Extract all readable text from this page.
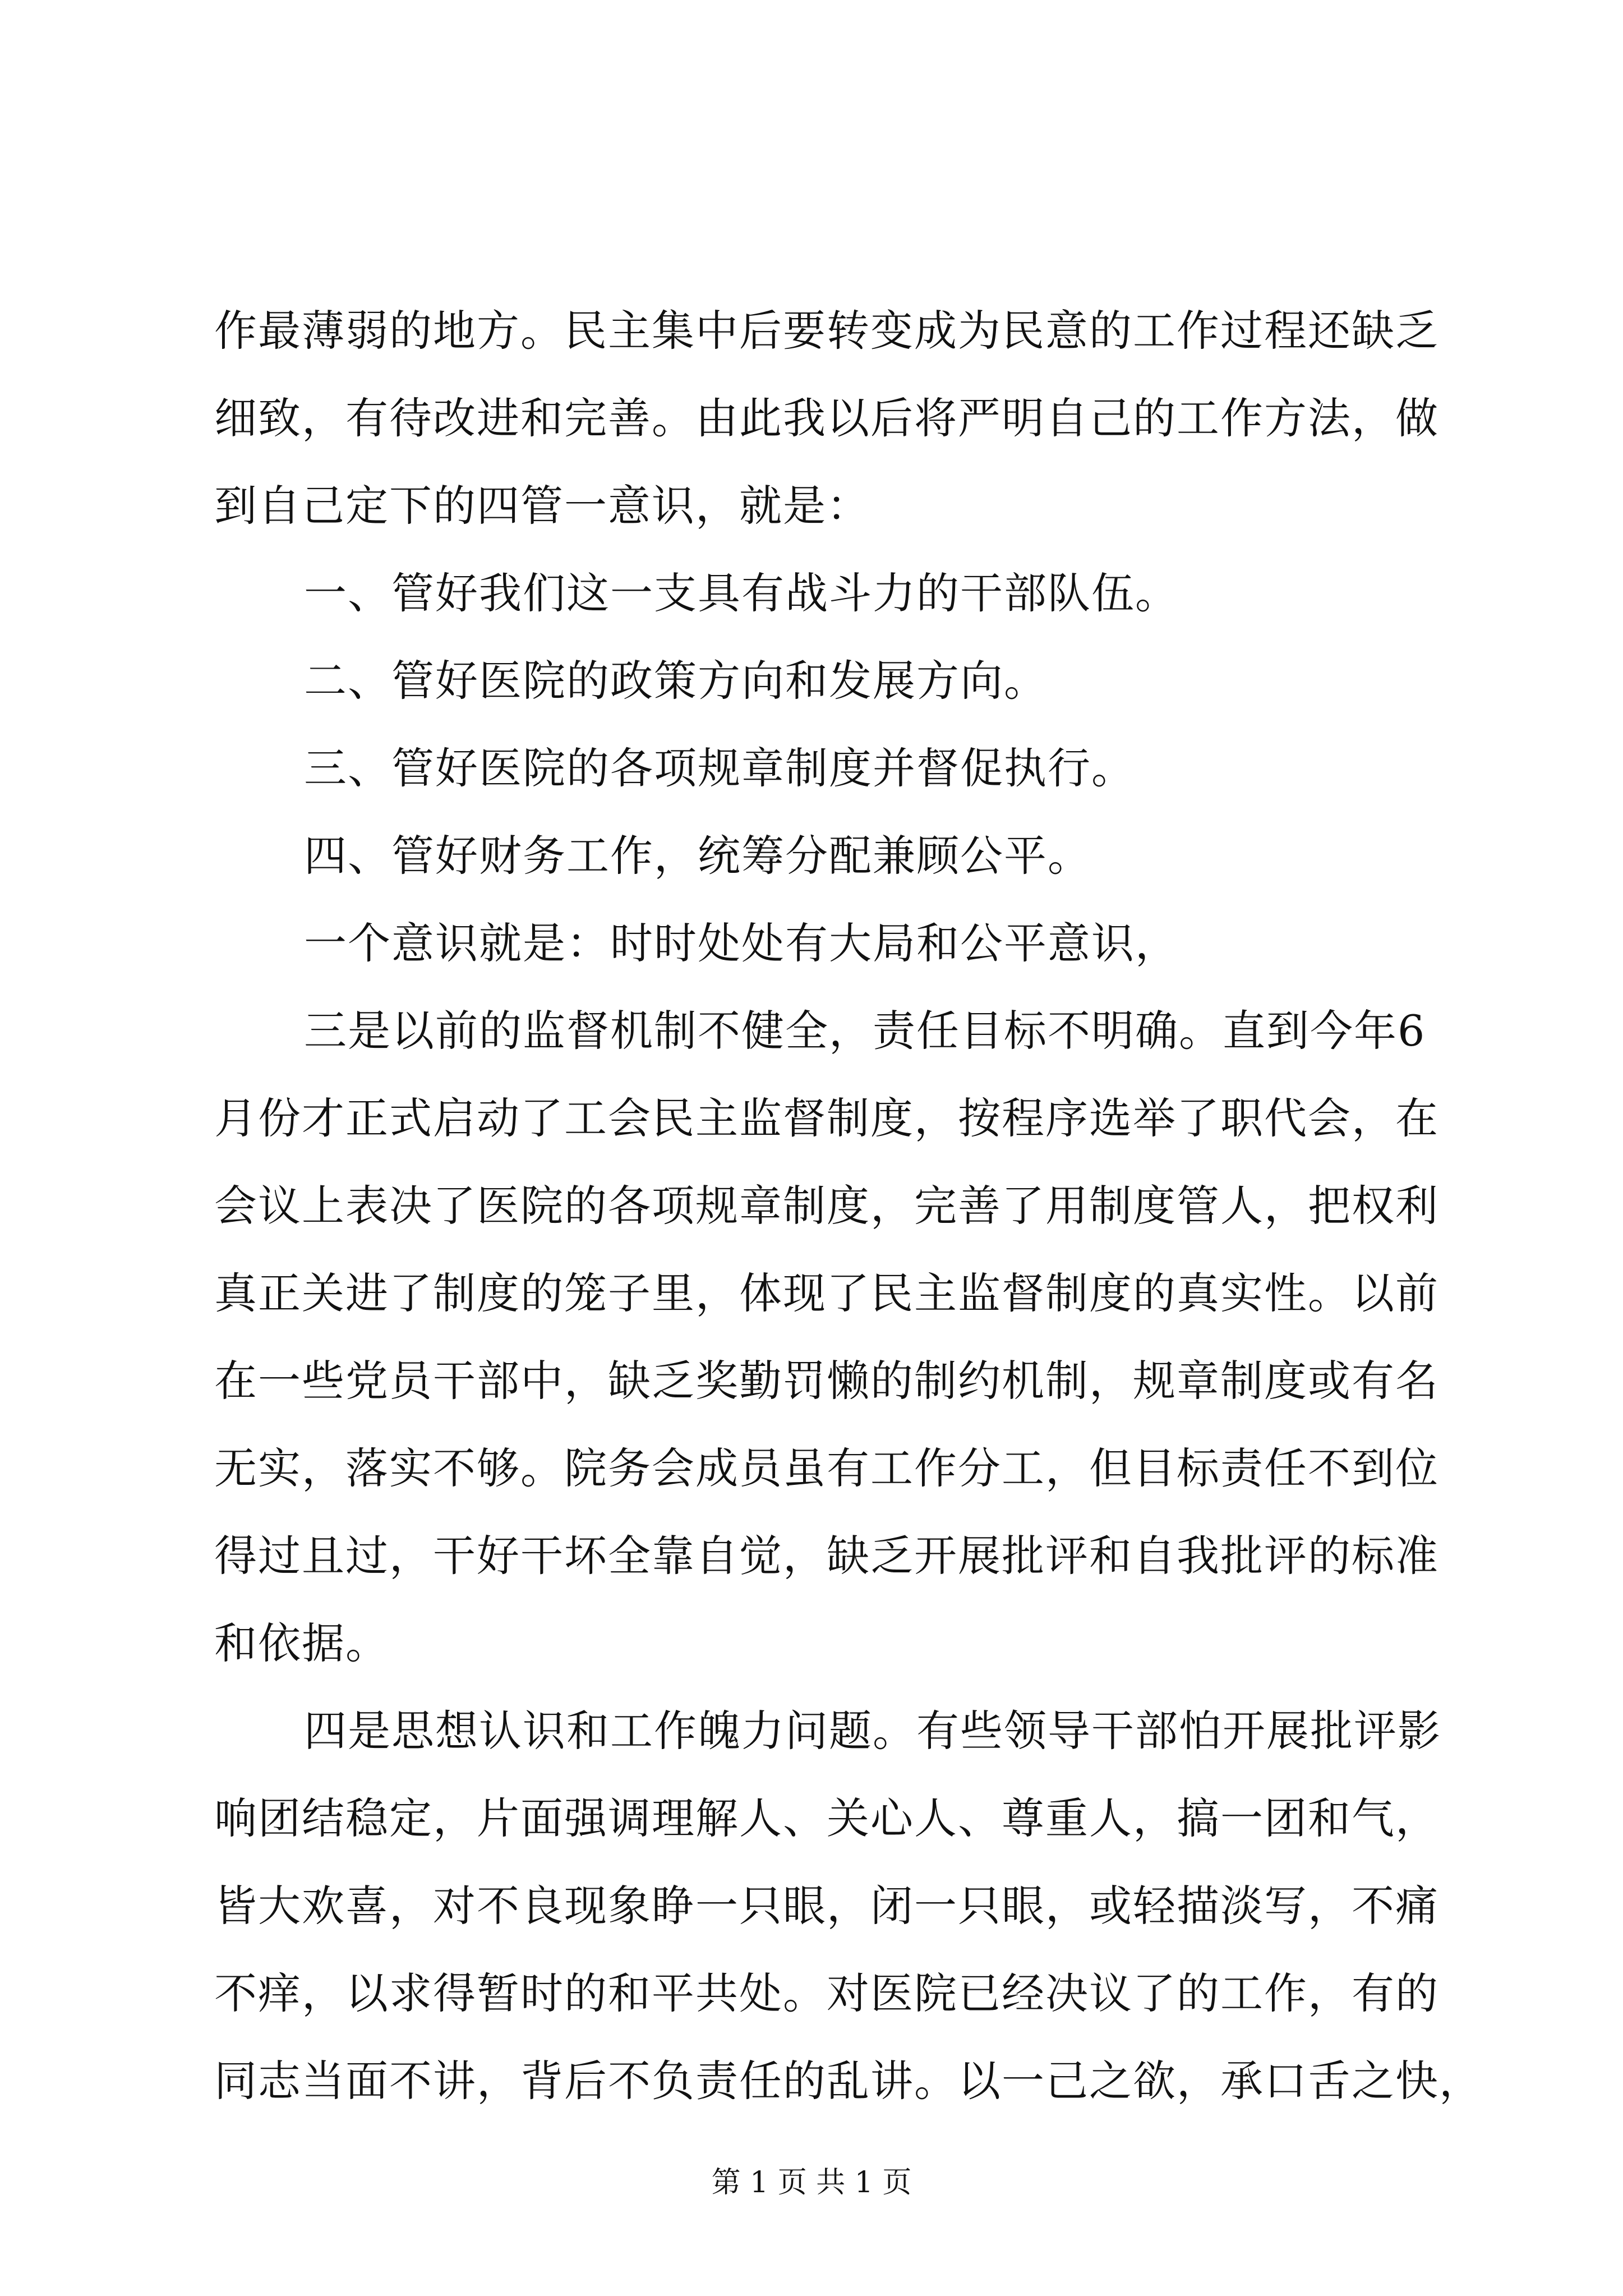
作最薄弱的地方。民主集中后要转变成为民意的工作过程还缺乏
细致，有待改进和完善。由此我以后将严明自己的工作方法，做
到自己定下的四管一意识，就是：
一、管好我们这一支具有战斗力的干部队伍。
二、管好医院的政策方向和发展方向。
三、管好医院的各项规章制度并督促执行。
四、管好财务工作，统筹分配兼顾公平。
一个意识就是：时时处处有大局和公平意识，
三是以前的监督机制不健全，责任目标不明确。直到今年6
月份才正式启动了工会民主监督制度，按程序选举了职代会，在
会议上表决了医院的各项规章制度，完善了用制度管人，把权利
真正关进了制度的笼子里，体现了民主监督制度的真实性。以前
在一些党员干部中，缺乏奖勤罚懒的制约机制，规章制度或有名
无实，落实不够。院务会成员虽有工作分工，但目标责任不到位
得过且过，干好干坏全靠自觉，缺乏开展批评和自我批评的标准
和依据。
四是思想认识和工作魄力问题。有些领导干部怕开展批评影
响团结稳定，片面强调理解人、关心人、尊重人，搞一团和气，
皆大欢喜，对不良现象睁一只眼，闭一只眼，或轻描淡写，不痛
不痒，以求得暂时的和平共处。对医院已经决议了的工作，有的
同志当面不讲，背后不负责任的乱讲。以一己之欲，承口舌之快，
第 1 页 共 1 页
